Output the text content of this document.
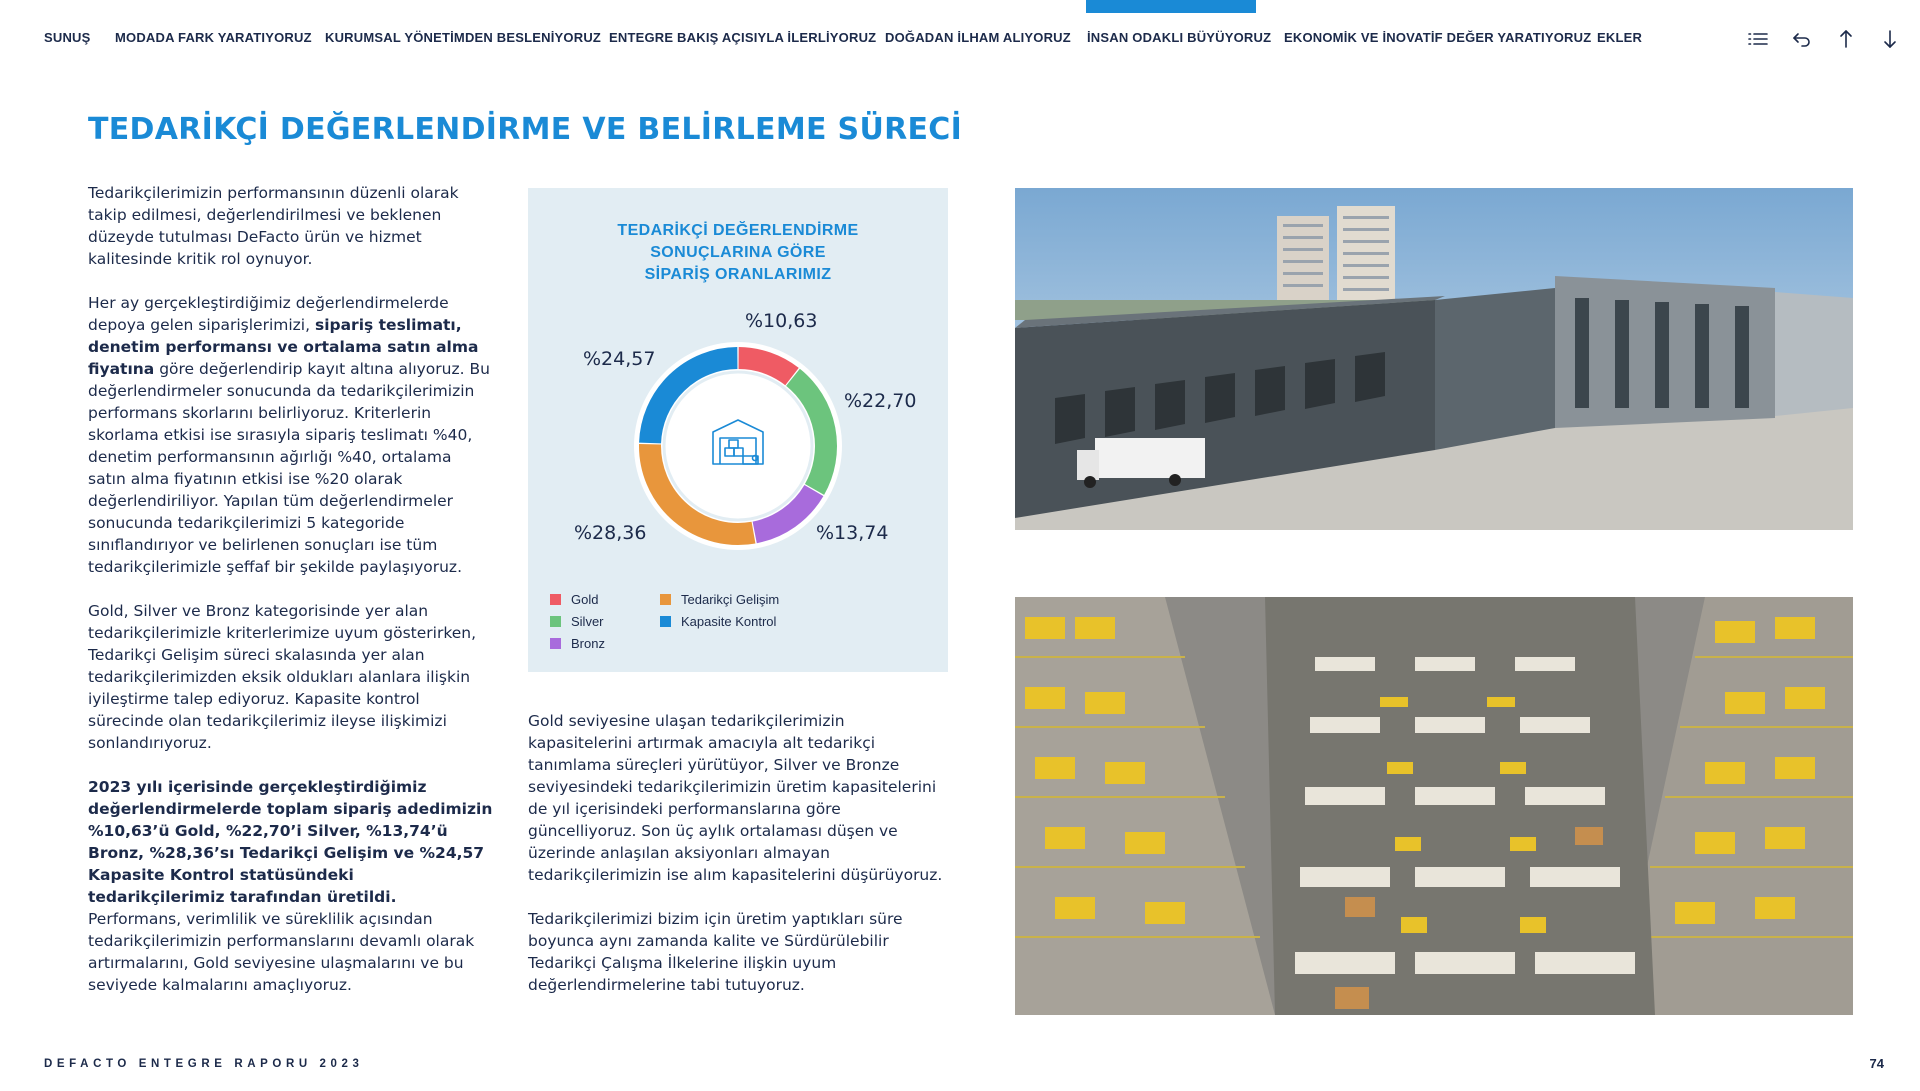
SUNUŞ MODADA FARK YARATIYORUZ KURUMSAL YÖNETİMDEN BESLENİYORUZ ENTEGRE BAKIŞ AÇISIYLA İLERLİYORUZ DOĞADAN İLHAM ALIYORUZ İNSAN ODAKLI BÜYÜYORUZ EKONOMİK VE İNOVATİF DEĞER YARATIYORUZ EKLER
TEDARİKÇİ DEĞERLENDİRME VE BELİRLEME SÜRECİ

Tedarikçilerimizin performansının düzenli olarak takip edilmesi, değerlendirilmesi ve beklenen düzeyde tutulması DeFacto ürün ve hizmet kalitesinde kritik rol oynuyor.

Her ay gerçekleştirdiğimiz değerlendirmelerde depoya gelen siparişlerimizi, sipariş teslimatı, denetim performansı ve ortalama satın alma fiyatına göre değerlendirip kayıt altına alıyoruz. Bu değerlendirmeler sonucunda da tedarikçilerimizin performans skorlarını belirliyoruz. Kriterlerin skorlama etkisi ise sırasıyla sipariş teslimatı %40, denetim performansının ağırlığı %40, ortalama satın alma fiyatının etkisi ise %20 olarak değerlendiriliyor. Yapılan tüm değerlendirmeler sonucunda tedarikçilerimizi 5 kategoride sınıflandırıyor ve belirlenen sonuçları ise tüm tedarikçilerimizle şeffaf bir şekilde paylaşıyoruz.

Gold, Silver ve Bronz kategorisinde yer alan tedarikçilerimizle kriterlerimize uyum gösterirken, Tedarikçi Gelişim süreci skalasında yer alan tedarikçilerimizden eksik oldukları alanlara ilişkin iyileştirme talep ediyoruz. Kapasite kontrol sürecinde olan tedarikçilerimiz ileyse ilişkimizi sonlandırıyoruz.

2023 yılı içerisinde gerçekleştirdiğimiz değerlendirmelerde toplam sipariş adedimizin %10,63’ü Gold, %22,70’i Silver, %13,74’ü Bronz, %28,36’sı Tedarikçi Gelişim ve %24,57 Kapasite Kontrol statüsündeki tedarikçilerimiz tarafından üretildi. Performans, verimlilik ve süreklilik açısından tedarikçilerimizin performanslarını devamlı olarak artırmalarını, Gold seviyesine ulaşmalarını ve bu seviyede kalmalarını amaçlıyoruz.

TEDARİKÇİ DEĞERLENDİRME
SONUÇLARINA GÖRE
SİPARİŞ ORANLARIMIZ
%10,63
%22,70
%13,74
%28,36
%24,57
Gold
Silver
Bronz
Tedarikçi Gelişim
Kapasite Kontrol

Gold seviyesine ulaşan tedarikçilerimizin kapasitelerini artırmak amacıyla alt tedarikçi tanımlama süreçleri yürütüyor, Silver ve Bronze seviyesindeki tedarikçilerimizin üretim kapasitelerini de yıl içerisindeki performanslarına göre güncelliyoruz. Son üç aylık ortalaması düşen ve üzerinde anlaşılan aksiyonları almayan tedarikçilerimizin ise alım kapasitelerini düşürüyoruz.

Tedarikçilerimizi bizim için üretim yaptıkları süre boyunca aynı zamanda kalite ve Sürdürülebilir Tedarikçi Çalışma İlkelerine ilişkin uyum değerlendirmelerine tabi tutuyoruz.

DEFACTO ENTEGRE RAPORU 2023	74
